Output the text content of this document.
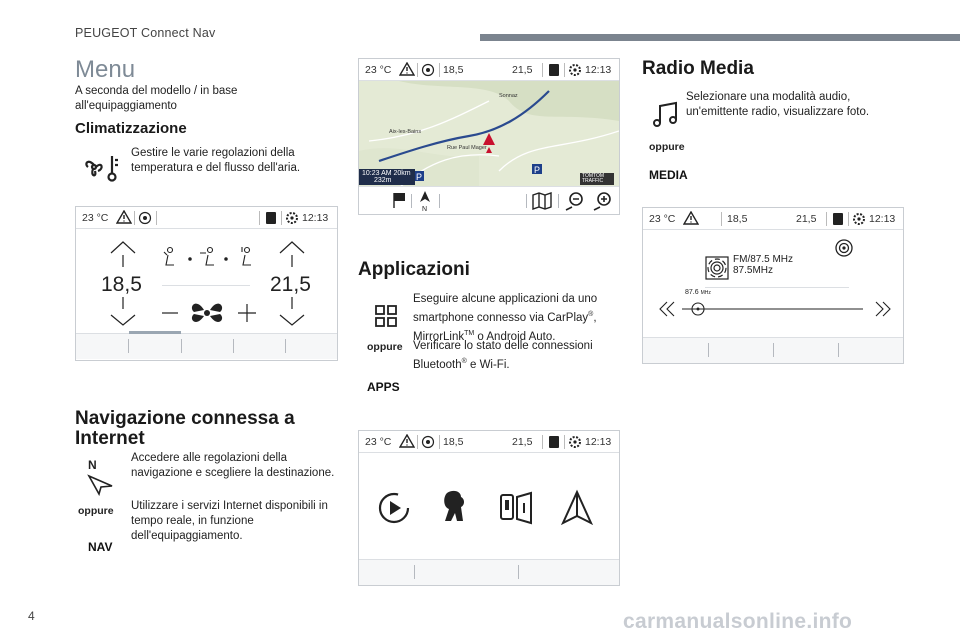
PEUGEOT Connect Nav
Menu
A seconda del modello / in base all'equipaggiamento
Climatizzazione
Gestire le varie regolazioni della temperatura e del flusso dell'aria.
23 °C	12:13
18,5	21,5
Navigazione connessa a Internet
N
oppure
NAV
Accedere alle regolazioni della navigazione e scegliere la destinazione.
Utilizzare i servizi Internet disponibili in tempo reale, in funzione dell'equipaggiamento.
23 °C	18,5	21,5	12:13
P
P
Aix-les-Bains
Rue Paul Mager
Sonnaz
10:23 AM 20km
232m
TOMTOM TRAFFIC
N
Applicazioni
oppure
APPS
Eseguire alcune applicazioni da uno smartphone connesso via CarPlay®, MirrorLink™ o Android Auto.
Verificare lo stato delle connessioni Bluetooth® e Wi-Fi.
23 °C	18,5	21,5	12:13
Radio Media
oppure
MEDIA
Selezionare una modalità audio, un'emittente radio, visualizzare foto.
23 °C	18,5	21,5	12:13
FM/87.5 MHz
87.5MHz
87.6 MHz
4	carmanualsonline.info
